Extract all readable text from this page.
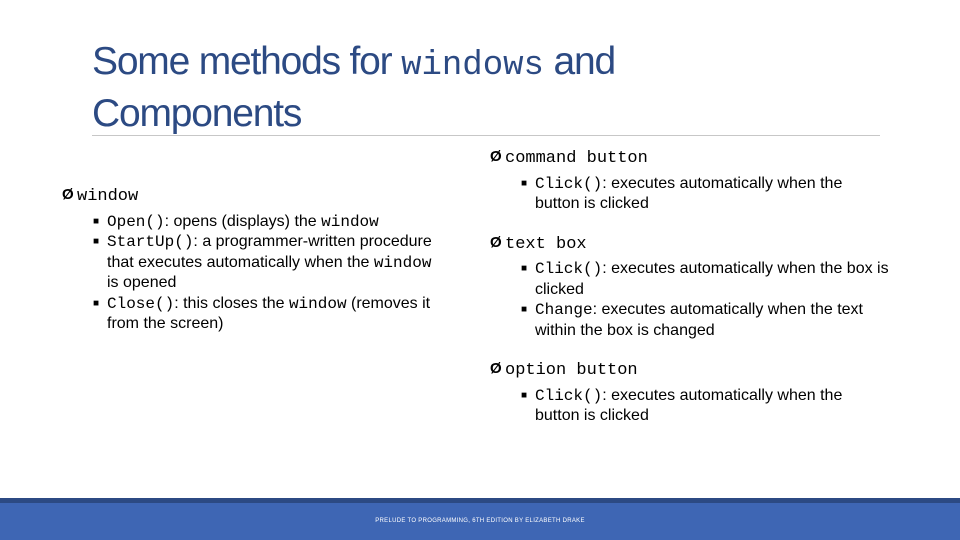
Some methods for windows and Components
Ø window
■ Open(): opens (displays) the window
■ StartUp(): a programmer-written procedure that executes automatically when the window is opened
■ Close(): this closes the window (removes it from the screen)
Ø command button
■ Click(): executes automatically when the button is clicked
Ø text box
■ Click(): executes automatically when the box is clicked
■ Change: executes automatically when the text within the box is changed
Ø option button
■ Click(): executes automatically when the button is clicked
PRELUDE TO PROGRAMMING, 6TH EDITION BY ELIZABETH DRAKE
